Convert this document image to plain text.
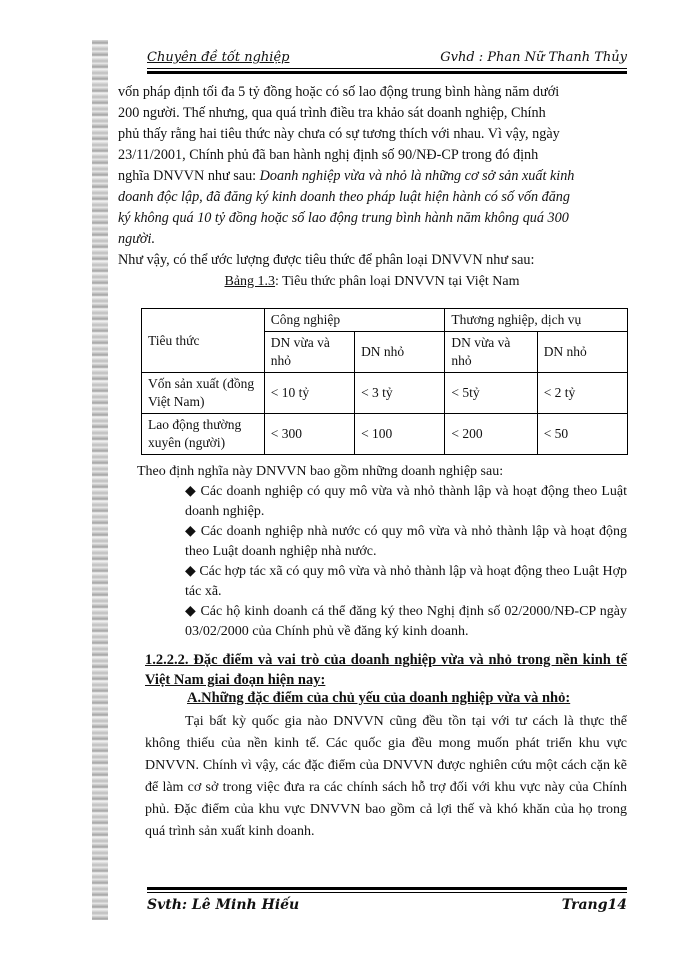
Chuyên đề tốt nghiệp	Gvhd : Phan Nữ Thanh Thủy

vốn pháp định tối đa 5 tỷ đồng hoặc có số lao động trung bình hàng năm dưới

200 người. Thế nhưng, qua quá trình điều tra khảo sát doanh nghiệp, Chính

phủ thấy rằng hai tiêu thức này chưa có sự tương thích với nhau. Vì vậy, ngày

23/11/2001, Chính phủ đã ban hành nghị định số 90/NĐ-CP trong đó định

nghĩa DNVVN như sau: Doanh nghiệp vừa và nhỏ là những cơ sở sản xuất kinh

doanh độc lập, đã đăng ký kinh doanh theo pháp luật hiện hành có số vốn đăng

ký không quá 10 tỷ đồng hoặc số lao động trung bình hành năm không quá 300

người.

Như vậy, có thể ước lượng được tiêu thức để phân loại DNVVN như sau:

Bảng 1.3: Tiêu thức phân loại DNVVN tại Việt Nam
Tiêu thức	Công nghiệp		Thương nghiệp, dịch vụ	
	DN vừa và nhỏ	DN nhỏ	DN vừa và nhỏ	DN nhỏ
Vốn sản xuất (đồng Việt Nam)	< 10 tỷ	< 3 tỷ	< 5tỷ	< 2 tỷ
Lao động thường xuyên (người)	< 300	< 100	< 200	< 50

Theo định nghĩa này DNVVN bao gồm những doanh nghiệp sau:

◆ Các doanh nghiệp có quy mô vừa và nhỏ thành lập và hoạt động theo Luật doanh nghiệp.

◆ Các doanh nghiệp nhà nước có quy mô vừa và nhỏ thành lập và hoạt động theo Luật doanh nghiệp nhà nước.

◆ Các hợp tác xã có quy mô vừa và nhỏ thành lập và hoạt động theo Luật Hợp tác xã.

◆ Các hộ kinh doanh cá thể đăng ký theo Nghị định số 02/2000/NĐ-CP ngày 03/02/2000 của Chính phủ về đăng ký kinh doanh.

1.2.2.2. Đặc điểm và vai trò của doanh nghiệp vừa và nhỏ trong nền kinh tế Việt Nam giai đoạn hiện nay:
A.Những đặc điểm của chủ yếu của doanh nghiệp vừa và nhỏ:

Tại bất kỳ quốc gia nào DNVVN cũng đều tồn tại với tư cách là thực thể không thiếu của nền kinh tế. Các quốc gia đều mong muốn phát triển khu vực DNVVN. Chính vì vậy, các đặc điểm của DNVVN được nghiên cứu một cách cặn kẽ để làm cơ sở trong việc đưa ra các chính sách hỗ trợ đối với khu vực này của Chính phủ. Đặc điểm của khu vực DNVVN bao gồm cả lợi thế và khó khăn của họ trong quá trình sản xuất kinh doanh.

Svth: Lê Minh Hiếu	Trang14
